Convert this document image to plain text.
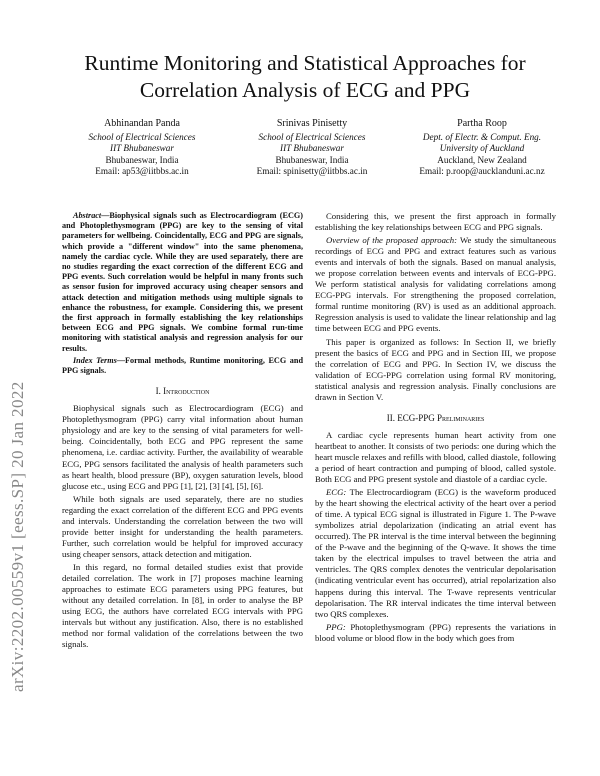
Runtime Monitoring and Statistical Approaches for Correlation Analysis of ECG and PPG
Abhinandan Panda
School of Electrical Sciences
IIT Bhubaneswar
Bhubaneswar, India
Email: ap53@iitbbs.ac.in
Srinivas Pinisetty
School of Electrical Sciences
IIT Bhubaneswar
Bhubaneswar, India
Email: spinisetty@iitbbs.ac.in
Partha Roop
Dept. of Electr. & Comput. Eng.
University of Auckland
Auckland, New Zealand
Email: p.roop@aucklanduni.ac.nz
arXiv:2202.00559v1 [eess.SP] 20 Jan 2022

Abstract—Biophysical signals such as Electrocardiogram (ECG) and Photoplethysmogram (PPG) are key to the sensing of vital parameters for wellbeing. Coincidentally, ECG and PPG are signals, which provide a "different window" into the same phenomena, namely the cardiac cycle. While they are used separately, there are no studies regarding the exact correction of the different ECG and PPG events. Such correlation would be helpful in many fronts such as sensor fusion for improved accuracy using cheaper sensors and attack detection and mitigation methods using multiple signals to enhance the robustness, for example. Considering this, we present the first approach in formally establishing the key relationships between ECG and PPG signals. We combine formal run-time monitoring with statistical analysis and regression analysis for our results.

Index Terms—Formal methods, Runtime monitoring, ECG and PPG signals.

I. Introduction

Biophysical signals such as Electrocardiogram (ECG) and Photoplethysmogram (PPG) carry vital information about human physiology and are key to the sensing of vital parameters for well-being. Coincidentally, both ECG and PPG represent the same phenomena, i.e. cardiac activity. Further, the availability of wearable ECG, PPG sensors facilitated the analysis of health parameters such as heart health, blood pressure (BP), oxygen saturation levels, blood glucose etc., using ECG and PPG [1], [2], [3] [4], [5], [6].

While both signals are used separately, there are no studies regarding the exact correlation of the different ECG and PPG events and intervals. Understanding the correlation between the two will provide better insight for understanding the health parameters. Further, such correlation would be helpful for improved accuracy using cheaper sensors, attack detection and mitigation.

In this regard, no formal detailed studies exist that provide detailed correlation. The work in [7] proposes machine learning approaches to estimate ECG parameters using PPG features, but without any detailed correlation. In [8], in order to analyse the BP using ECG, the authors have correlated ECG intervals with PPG intervals but without any justification. Also, there is no established method nor formal validation of the correlations between the two signals.

Considering this, we present the first approach in formally establishing the key relationships between ECG and PPG signals.

Overview of the proposed approach: We study the simultaneous recordings of ECG and PPG and extract features such as various events and intervals of both the signals. Based on manual analysis, we propose correlation between events and intervals of ECG-PPG. We perform statistical analysis for validating correlations among ECG-PPG intervals. For strengthening the proposed correlation, formal runtime monitoring (RV) is used as an additional approach. Regression analysis is used to validate the linear relationship and lag time between ECG and PPG events.

This paper is organized as follows: In Section II, we briefly present the basics of ECG and PPG and in Section III, we propose the correlation of ECG and PPG. In Section IV, we discuss the validation of ECG-PPG correlation using formal RV monitoring, statistical analysis and regression analysis. Finally conclusions are drawn in Section V.

II. ECG-PPG Preliminaries

A cardiac cycle represents human heart activity from one heartbeat to another. It consists of two periods: one during which the heart muscle relaxes and refills with blood, called diastole, following a period of heart contraction and pumping of blood, called systole. Both ECG and PPG present systole and diastole of a cardiac cycle.

ECG: The Electrocardiogram (ECG) is the waveform produced by the heart showing the electrical activity of the heart over a period of time. A typical ECG signal is illustrated in Figure 1. The P-wave symbolizes atrial depolarization (indicating an atrial event has occurred). The PR interval is the time interval between the beginning of the P-wave and the beginning of the Q-wave. It shows the time taken by the electrical impulses to travel between the atria and ventricles. The QRS complex denotes the ventricular depolarisation (indicating ventricular event has occurred), atrial repolarization also happens during this interval. The T-wave represents ventricular depolarisation. The RR interval indicates the time interval between two QRS complexes.

PPG: Photoplethysmogram (PPG) represents the variations in blood volume or blood flow in the body which goes from
